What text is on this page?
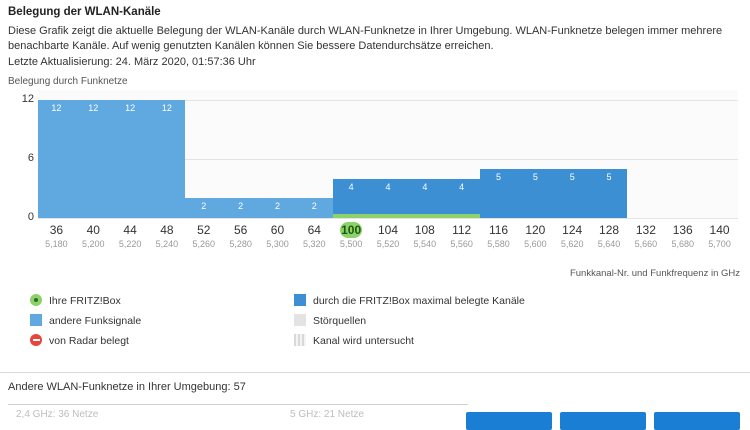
Belegung der WLAN-Kanäle
Diese Grafik zeigt die aktuelle Belegung der WLAN-Kanäle durch WLAN-Funknetze in Ihrer Umgebung. WLAN-Funknetze belegen immer mehrere benachbarte Kanäle. Auf wenig genutzten Kanälen können Sie bessere Datendurchsätze erreichen.
Letzte Aktualisierung: 24. März 2020, 01:57:36 Uhr
Belegung durch Funknetze
12	12	12	12
2	2	2	2
4	4	4	4
5	5	5	5
0
6
12
36
5,180
40
5,200
44
5,220
48
5,240
52
5,260
56
5,280
60
5,300
64
5,320
100
5,500
104
5,520
108
5,540
112
5,560
116
5,580
120
5,600
124
5,620
128
5,640
132
5,660
136
5,680
140
5,700
Funkkanal-Nr. und Funkfrequenz in GHz
Ihre FRITZ!Box
andere Funksignale
von Radar belegt
durch die FRITZ!Box maximal belegte Kanäle
Störquellen
Kanal wird untersucht
Andere WLAN-Funknetze in Ihrer Umgebung: 57
2,4 GHz: 36 Netze	5 GHz: 21 Netze
